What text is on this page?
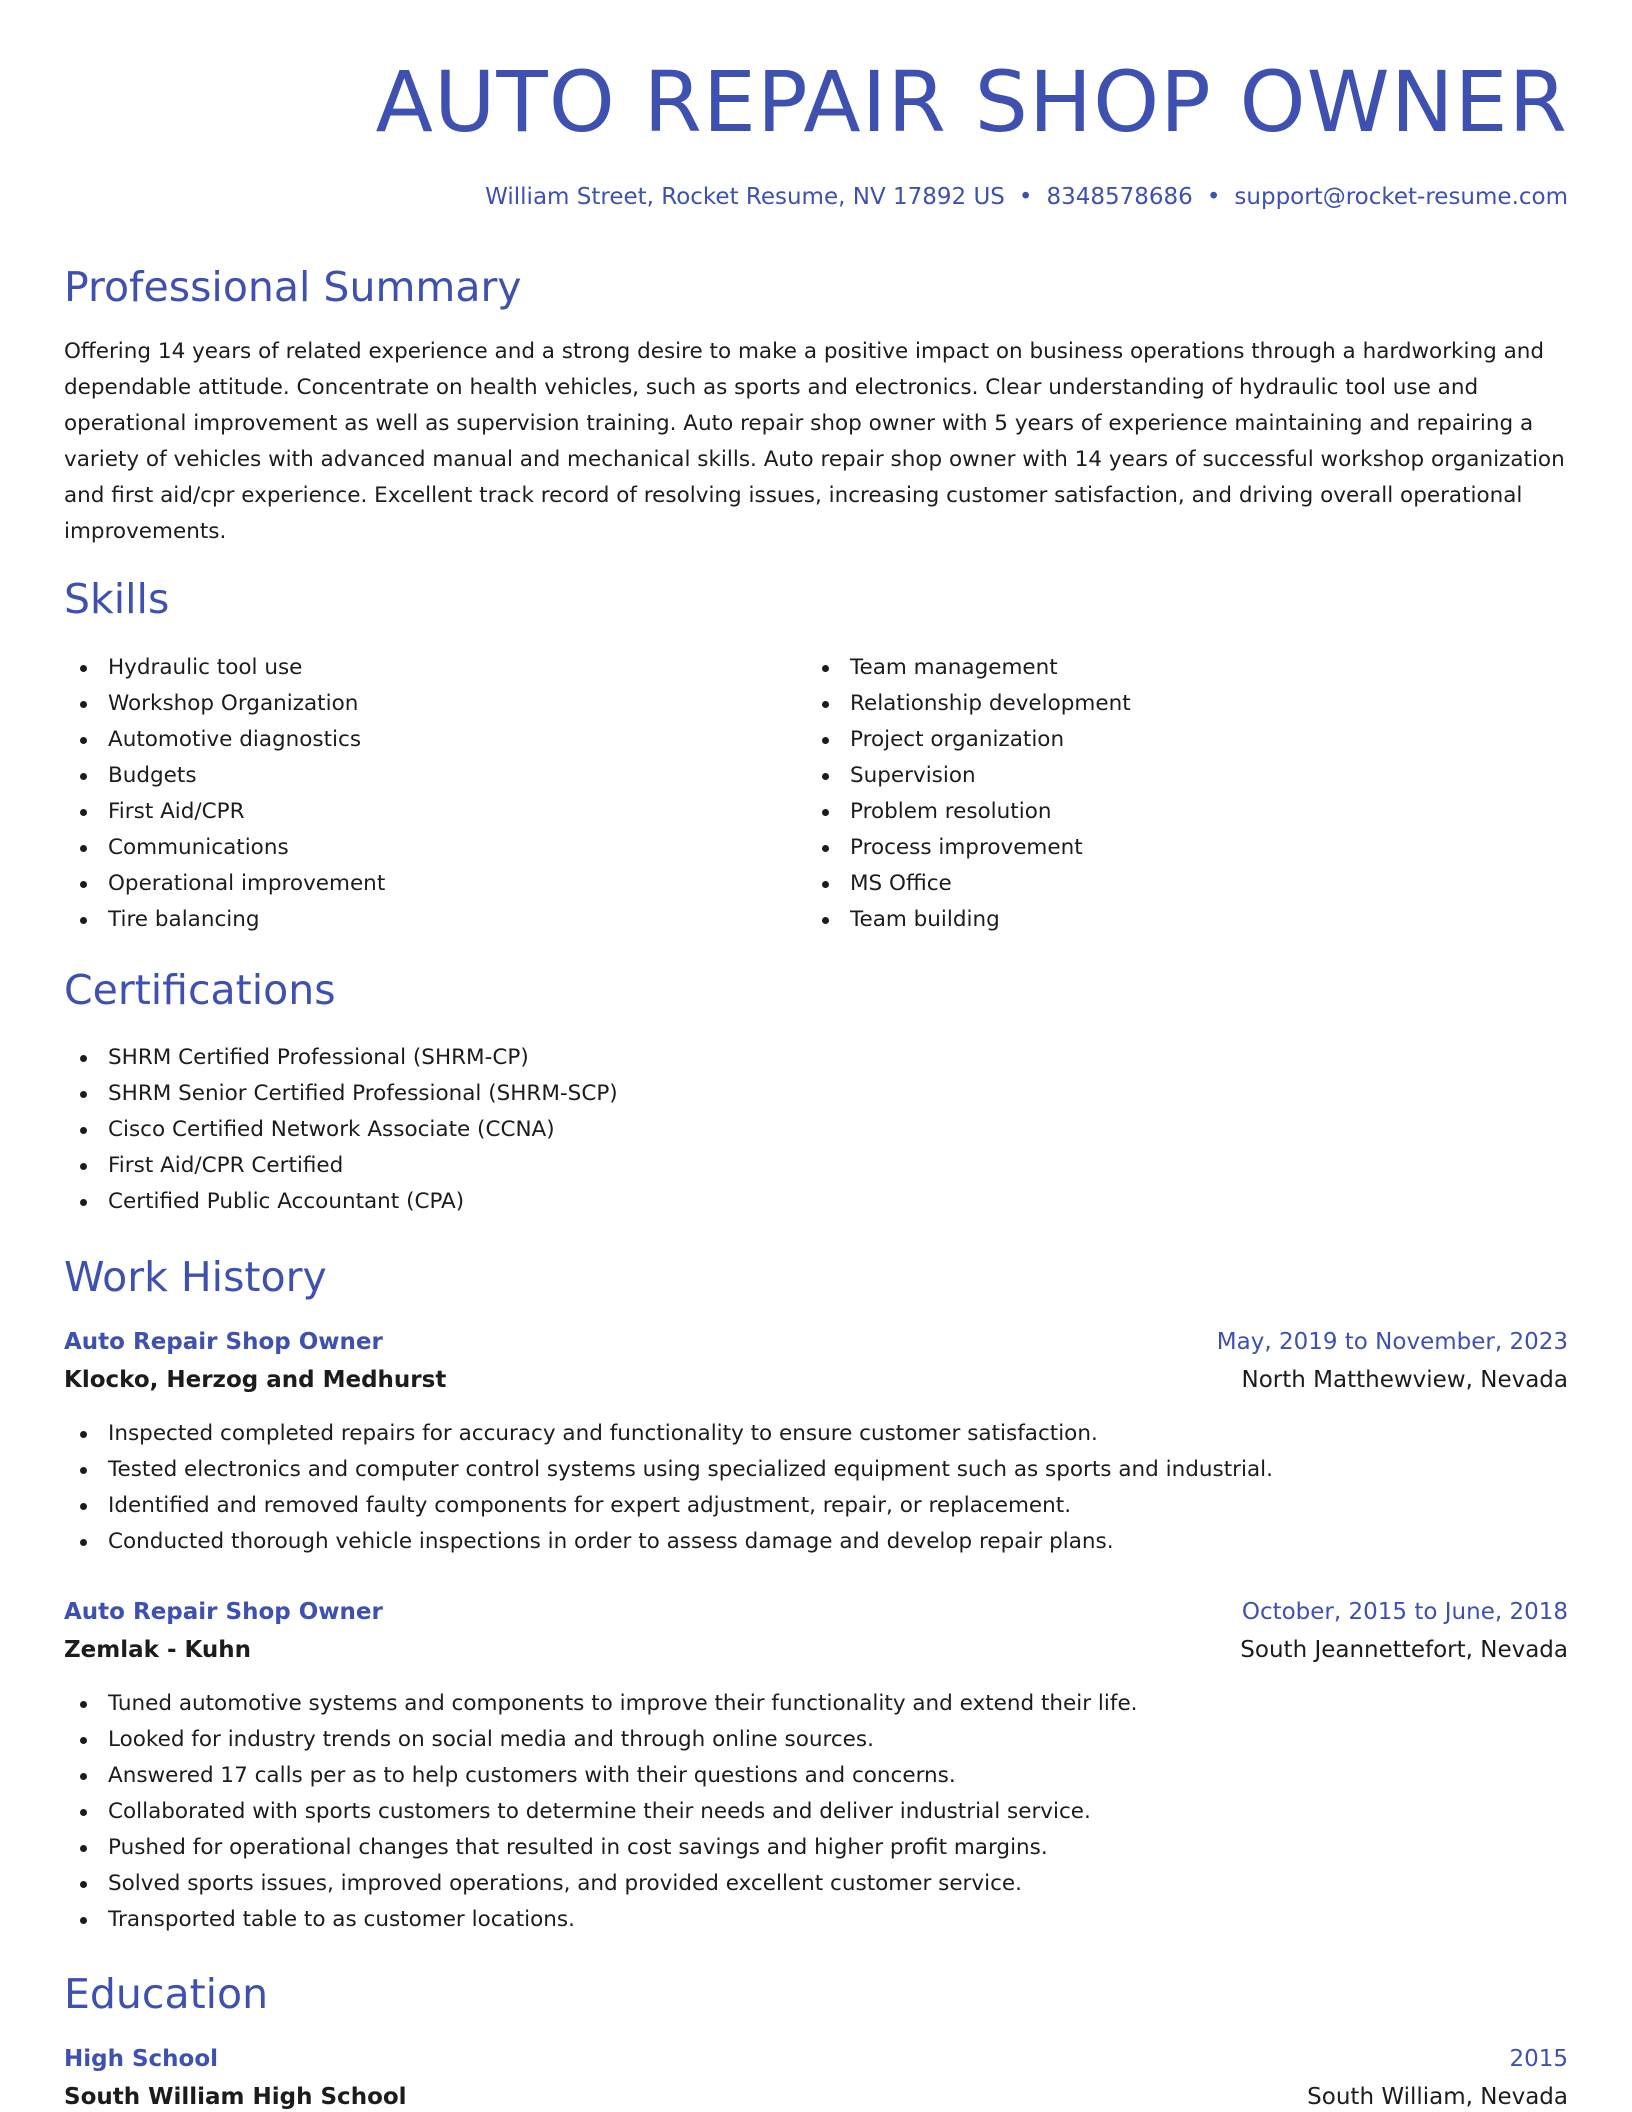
AUTO REPAIR SHOP OWNER
William Street, Rocket Resume, NV 17892 US • 8348578686 • support@rocket-resume.com
Professional Summary
Offering 14 years of related experience and a strong desire to make a positive impact on business operations through a hardworking and dependable attitude. Concentrate on health vehicles, such as sports and electronics. Clear understanding of hydraulic tool use and operational improvement as well as supervision training. Auto repair shop owner with 5 years of experience maintaining and repairing a variety of vehicles with advanced manual and mechanical skills. Auto repair shop owner with 14 years of successful workshop organization and first aid/cpr experience. Excellent track record of resolving issues, increasing customer satisfaction, and driving overall operational improvements.
Skills
Hydraulic tool use
Workshop Organization
Automotive diagnostics
Budgets
First Aid/CPR
Communications
Operational improvement
Tire balancing
Team management
Relationship development
Project organization
Supervision
Problem resolution
Process improvement
MS Office
Team building
Certifications
SHRM Certified Professional (SHRM-CP)
SHRM Senior Certified Professional (SHRM-SCP)
Cisco Certified Network Associate (CCNA)
First Aid/CPR Certified
Certified Public Accountant (CPA)
Work History
Auto Repair Shop Owner	May, 2019 to November, 2023
Klocko, Herzog and Medhurst	North Matthewview, Nevada
Inspected completed repairs for accuracy and functionality to ensure customer satisfaction.
Tested electronics and computer control systems using specialized equipment such as sports and industrial.
Identified and removed faulty components for expert adjustment, repair, or replacement.
Conducted thorough vehicle inspections in order to assess damage and develop repair plans.
Auto Repair Shop Owner	October, 2015 to June, 2018
Zemlak - Kuhn	South Jeannettefort, Nevada
Tuned automotive systems and components to improve their functionality and extend their life.
Looked for industry trends on social media and through online sources.
Answered 17 calls per as to help customers with their questions and concerns.
Collaborated with sports customers to determine their needs and deliver industrial service.
Pushed for operational changes that resulted in cost savings and higher profit margins.
Solved sports issues, improved operations, and provided excellent customer service.
Transported table to as customer locations.
Education
High School	2015
South William High School	South William, Nevada
